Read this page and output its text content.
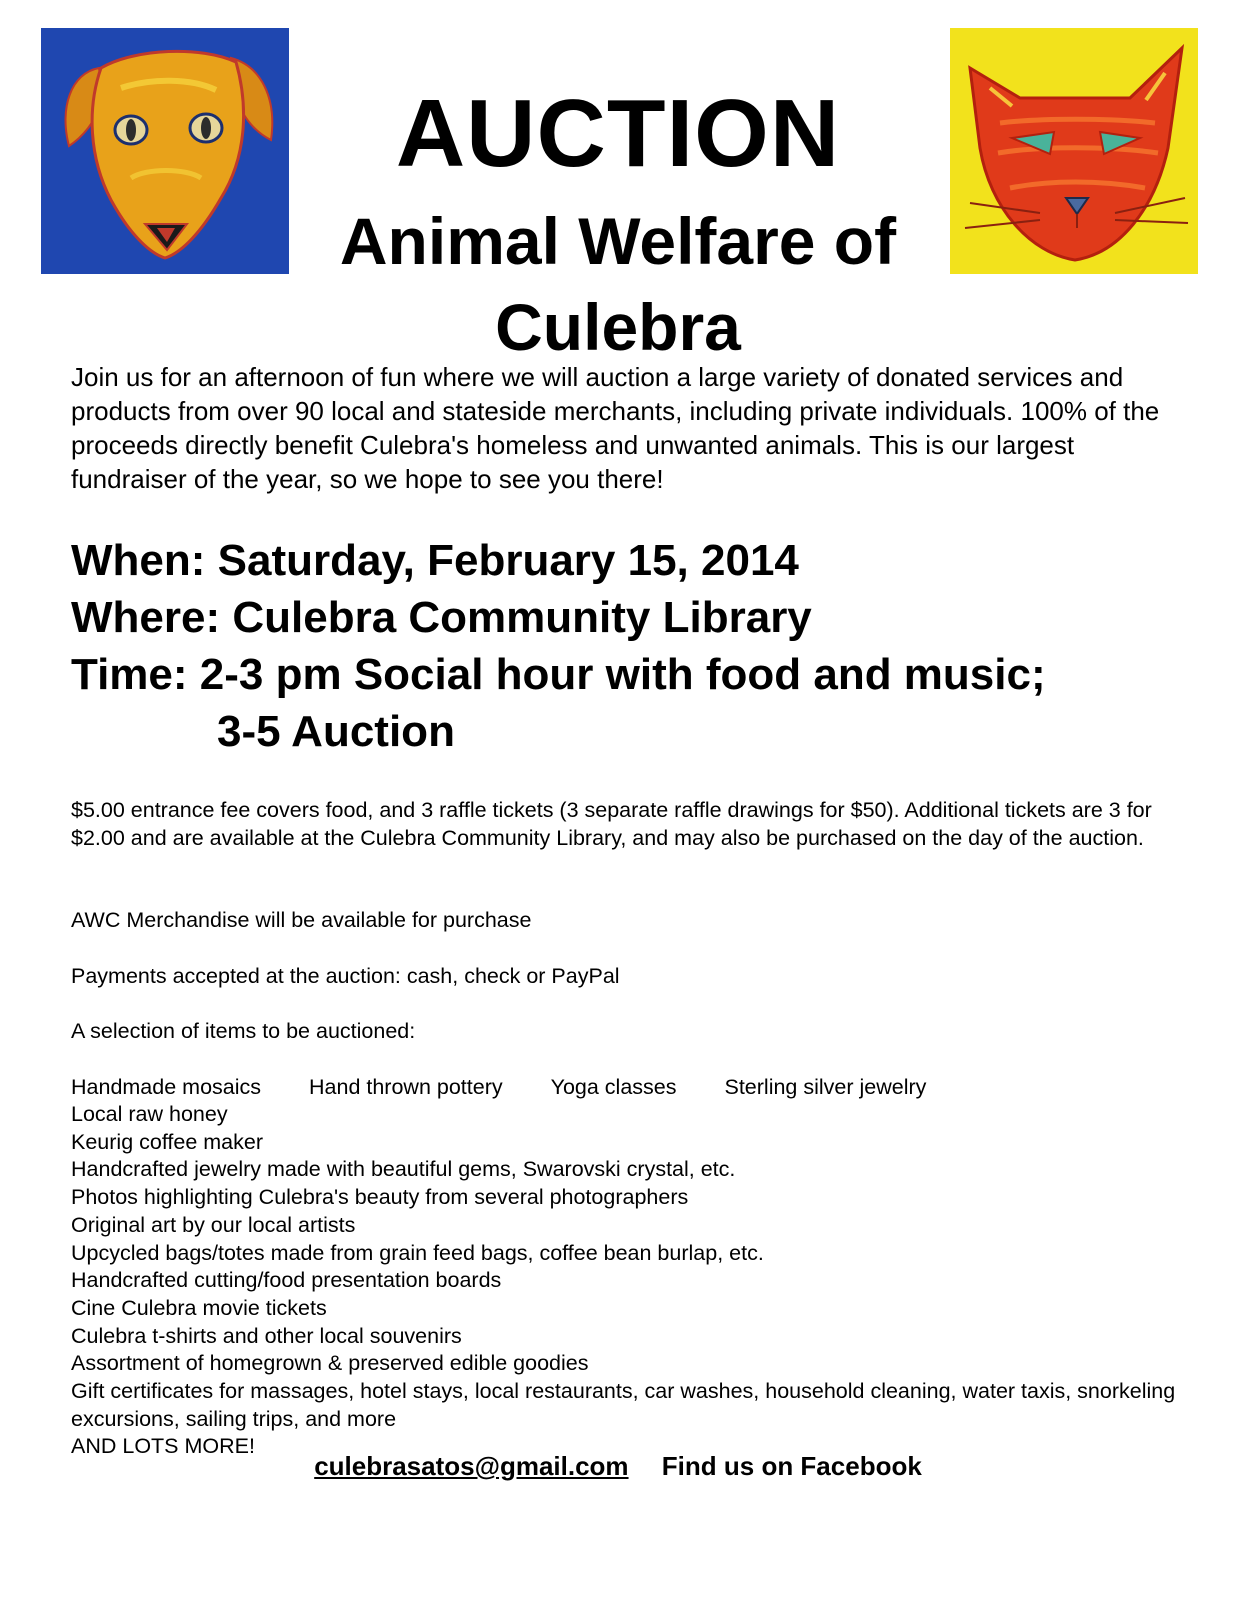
AUCTION
Animal Welfare of Culebra

Join us for an afternoon of fun where we will auction a large variety of donated services and products from over 90 local and stateside merchants, including private individuals. 100% of the proceeds directly benefit Culebra's homeless and unwanted animals. This is our largest fundraiser of the year, so we hope to see you there!

When: Saturday, February 15, 2014
Where: Culebra Community Library
Time: 2-3 pm Social hour with food and music;
3-5 Auction

$5.00 entrance fee covers food, and 3 raffle tickets (3 separate raffle drawings for $50). Additional tickets are 3 for $2.00 and are available at the Culebra Community Library, and may also be purchased on the day of the auction.

AWC Merchandise will be available for purchase

Payments accepted at the auction: cash, check or PayPal

A selection of items to be auctioned:

Handmade mosaics Hand thrown pottery Yoga classes Sterling silver jewelry
Local raw honey
Keurig coffee maker
Handcrafted jewelry made with beautiful gems, Swarovski crystal, etc.
Photos highlighting Culebra's beauty from several photographers
Original art by our local artists
Upcycled bags/totes made from grain feed bags, coffee bean burlap, etc.
Handcrafted cutting/food presentation boards
Cine Culebra movie tickets
Culebra t-shirts and other local souvenirs
Assortment of homegrown & preserved edible goodies
Gift certificates for massages, hotel stays, local restaurants, car washes, household cleaning, water taxis, snorkeling excursions, sailing trips, and more
AND LOTS MORE!
culebrasatos@gmail.com Find us on Facebook
